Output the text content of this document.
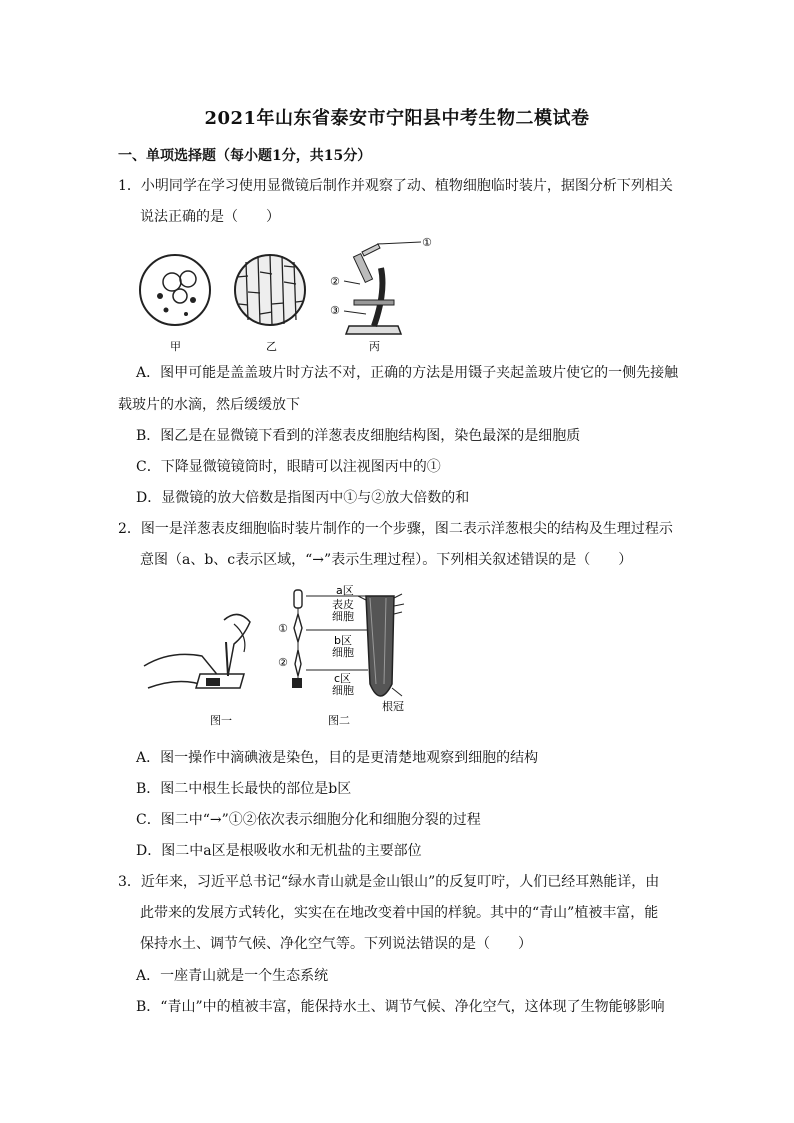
2021年山东省泰安市宁阳县中考生物二模试卷
一、单项选择题（每小题1分，共15分）
1．小明同学在学习使用显微镜后制作并观察了动、植物细胞临时装片，据图分析下列相关
说法正确的是（　　）
①
②
③
甲	乙	丙
A．图甲可能是盖盖玻片时方法不对，正确的方法是用镊子夹起盖玻片使它的一侧先接触
载玻片的水滴，然后缓缓放下
B．图乙是在显微镜下看到的洋葱表皮细胞结构图，染色最深的是细胞质
C．下降显微镜镜筒时，眼睛可以注视图丙中的①
D．显微镜的放大倍数是指图丙中①与②放大倍数的和
2．图一是洋葱表皮细胞临时装片制作的一个步骤，图二表示洋葱根尖的结构及生理过程示
意图（a、b、c表示区域，“→”表示生理过程）。下列相关叙述错误的是（　　）
a区
表皮
细胞
b区
细胞
c区
细胞
根冠
①
②
图一	图二
A．图一操作中滴碘液是染色，目的是更清楚地观察到细胞的结构
B．图二中根生长最快的部位是b区
C．图二中“→”①②依次表示细胞分化和细胞分裂的过程
D．图二中a区是根吸收水和无机盐的主要部位
3．近年来，习近平总书记“绿水青山就是金山银山”的反复叮咛，人们已经耳熟能详，由
此带来的发展方式转化，实实在在地改变着中国的样貌。其中的“青山”植被丰富，能
保持水土、调节气候、净化空气等。下列说法错误的是（　　）
A．一座青山就是一个生态系统
B．“青山”中的植被丰富，能保持水土、调节气候、净化空气，这体现了生物能够影响
